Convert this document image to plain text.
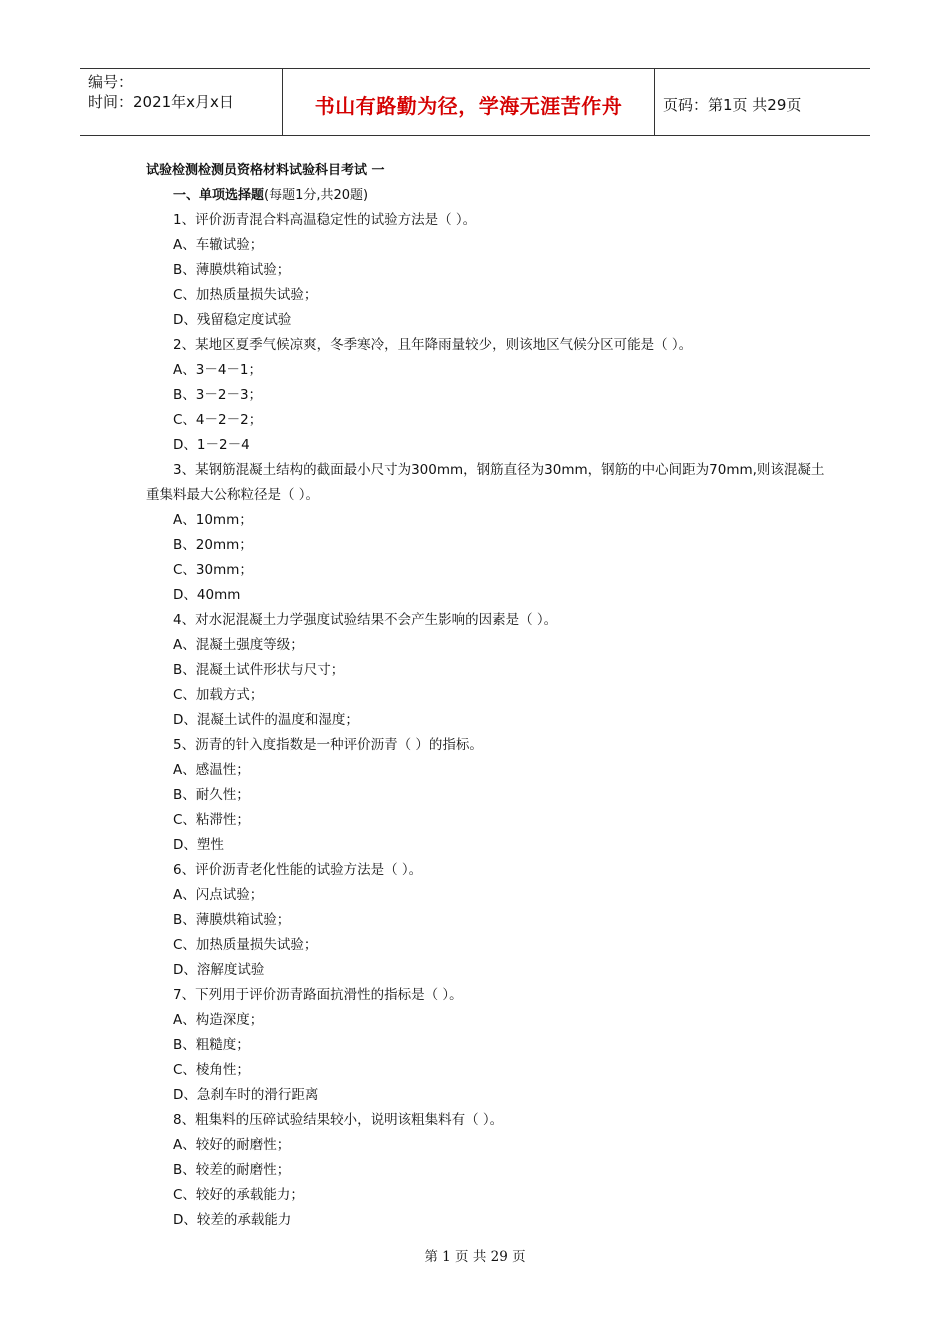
编号：
时间：2021年x月x日	书山有路勤为径，学海无涯苦作舟	页码：第1页 共29页
试验检测检测员资格材料试验科目考试 一
一、单项选择题(每题1分,共20题)
1、评价沥青混合料高温稳定性的试验方法是（ ）。
A、车辙试验；
B、薄膜烘箱试验；
C、加热质量损失试验；
D、残留稳定度试验
2、某地区夏季气候凉爽，冬季寒冷，且年降雨量较少，则该地区气候分区可能是（ ）。
A、3－4－1；
B、3－2－3；
C、4－2－2；
D、1－2－4
3、某钢筋混凝土结构的截面最小尺寸为300mm，钢筋直径为30mm，钢筋的中心间距为70mm,则该混凝土重集料最大公称粒径是（ ）。
A、10mm；
B、20mm；
C、30mm；
D、40mm
4、对水泥混凝土力学强度试验结果不会产生影响的因素是（ ）。
A、混凝土强度等级；
B、混凝土试件形状与尺寸；
C、加载方式；
D、混凝土试件的温度和湿度；
5、沥青的针入度指数是一种评价沥青（ ）的指标。
A、感温性；
B、耐久性；
C、粘滞性；
D、塑性
6、评价沥青老化性能的试验方法是（ ）。
A、闪点试验；
B、薄膜烘箱试验；
C、加热质量损失试验；
D、溶解度试验
7、下列用于评价沥青路面抗滑性的指标是（ ）。
A、构造深度；
B、粗糙度；
C、棱角性；
D、急刹车时的滑行距离
8、粗集料的压碎试验结果较小，说明该粗集料有（ ）。
A、较好的耐磨性；
B、较差的耐磨性；
C、较好的承载能力；
D、较差的承载能力
第 1 页 共 29 页
